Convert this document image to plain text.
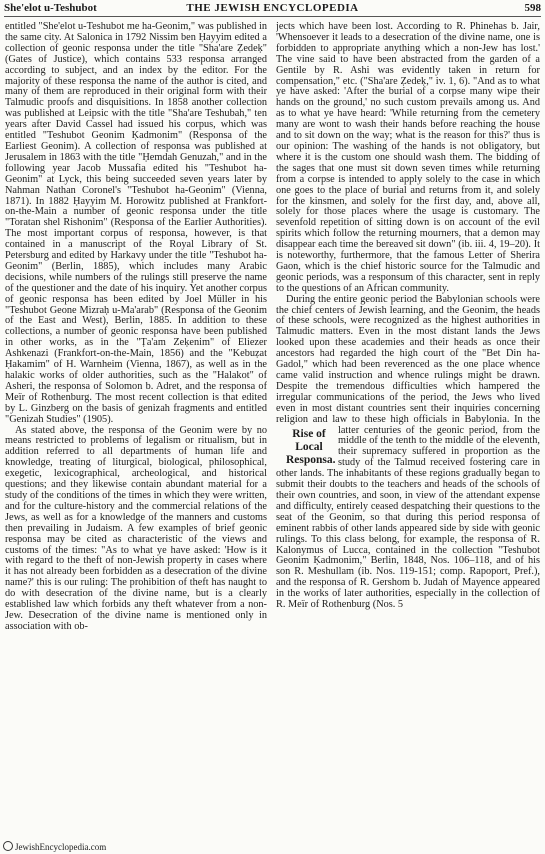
She'elot u-Teshubot	THE JEWISH ENCYCLOPEDIA	598

entitled "She'elot u-Teshubot me ha-Geonim," was published in the same city. At Salonica in 1792 Nissim ben Ḥayyim edited a collection of geonic responsa under the title "Sha'are Ẓedeḳ" (Gates of Justice), which contains 533 responsa arranged according to subject, and an index by the editor. For the majority of these responsa the name of the author is cited, and many of them are reproduced in their original form with their Talmudic proofs and disquisitions. In 1858 another collection was published at Leipsic with the title "Sha'are Teshubah," ten years after David Cassel had issued his corpus, which was entitled "Teshubot Geonim Ḳadmonim" (Responsa of the Earliest Geonim). A collection of responsa was published at Jerusalem in 1863 with the title "Ḥemdah Genuzah," and in the following year Jacob Mussafia edited his "Teshubot ha-Geonim" at Lyck, this being succeeded seven years later by Nahman Nathan Coronel's "Teshubot ha-Geonim" (Vienna, 1871). In 1882 Ḥayyim M. Horowitz published at Frankfort-on-the-Main a number of geonic responsa under the title "Toratan shel Rishonim" (Responsa of the Earlier Authorities). The most important corpus of responsa, however, is that contained in a manuscript of the Royal Library of St. Petersburg and edited by Harkavy under the title "Teshubot ha-Geonim" (Berlin, 1885), which includes many Arabic decisions, while numbers of the rulings still preserve the name of the questioner and the date of his inquiry. Yet another corpus of geonic responsa has been edited by Joel Müller in his "Teshubot Geone Mizraḥ u-Ma'arab" (Responsa of the Geonim of the East and West), Berlin, 1885. In addition to these collections, a number of geonic responsa have been published in other works, as in the "Ṭa'am Zeḳenim" of Eliezer Ashkenazi (Frankfort-on-the-Main, 1856) and the "Kebuẓat Ḥakamim" of H. Warnheim (Vienna, 1867), as well as in the halakic works of older authorities, such as the "Halakot" of Asheri, the responsa of Solomon b. Adret, and the responsa of Meïr of Rothenburg. The most recent collection is that edited by L. Ginzberg on the basis of genizah fragments and entitled "Genizah Studies" (1905).

As stated above, the responsa of the Geonim were by no means restricted to problems of legalism or ritualism, but in addition referred to all departments of human life and knowledge, treating of liturgical, biological, philosophical, exegetic, lexicographical, archeological, and historical questions; and they likewise contain abundant material for a study of the conditions of the times in which they were written, and for the culture-history and the commercial relations of the Jews, as well as for a knowledge of the manners and customs then prevailing in Judaism. A few examples of brief geonic responsa may be cited as characteristic of the views and customs of the times: "As to what ye have asked: 'How is it with regard to the theft of non-Jewish property in cases where it has not already been forbidden as a desecration of the divine name?' this is our ruling: The prohibition of theft has naught to do with desecration of the divine name, but is a clearly established law which forbids any theft whatever from a non-Jew. Desecration of the divine name is mentioned only in association with ob-

jects which have been lost. According to R. Phinehas b. Jair, 'Whensoever it leads to a desecration of the divine name, one is forbidden to appropriate anything which a non-Jew has lost.' The vine said to have been abstracted from the garden of a Gentile by R. Ashi was evidently taken in return for compensation," etc. ("Sha'are Ẓedeḳ," iv. 1, 6). "And as to what ye have asked: 'After the burial of a corpse many wipe their hands on the ground,' no such custom prevails among us. And as to what ye have heard: 'While returning from the cemetery many are wont to wash their hands before reaching the house and to sit down on the way; what is the reason for this?' thus is our opinion: The washing of the hands is not obligatory, but where it is the custom one should wash them. The bidding of the sages that one must sit down seven times while returning from a corpse is intended to apply solely to the case in which one goes to the place of burial and returns from it, and solely for the kinsmen, and solely for the first day, and, above all, solely for those places where the usage is customary. The sevenfold repetition of sitting down is on account of the evil spirits which follow the returning mourners, that a demon may disappear each time the bereaved sit down" (ib. iii. 4, 19–20). It is noteworthy, furthermore, that the famous Letter of Sherira Gaon, which is the chief historic source for the Talmudic and geonic periods, was a responsum of this character, sent in reply to the questions of an African community.

During the entire geonic period the Babylonian schools were the chief centers of Jewish learning, and the Geonim, the heads of these schools, were recognized as the highest authorities in Talmudic matters. Even in the most distant lands the Jews looked upon these academies and their heads as once their ancestors had regarded the high court of the "Bet Din ha-Gadol," which had been reverenced as the one place whence came valid instruction and whence rulings might be drawn. Despite the tremendous difficulties which hampered the irregular communications of the period, the Jews who lived even in most distant countries sent their inquiries concerning religion and law to these high officials in Babylonia.
Rise of
Local
Responsa.
In the latter centuries of the geonic period, from the middle of the tenth to the middle of the eleventh, their supremacy suffered in proportion as the study of the Talmud received fostering care in other lands. The inhabitants of these regions gradually began to submit their doubts to the teachers and heads of the schools of their own countries, and soon, in view of the attendant expense and difficulty, entirely ceased despatching their questions to the seat of the Geonim, so that during this period responsa of eminent rabbis of other lands appeared side by side with geonic rulings. To this class belong, for example, the responsa of R. Kalonymus of Lucca, contained in the collection "Teshubot Geonim Ḳadmonim," Berlin, 1848, Nos. 106–118, and of his son R. Meshullam (ib. Nos. 119-151; comp. Rapoport, Pref.), and the responsa of R. Gershom b. Judah of Mayence appeared in the works of later authorities, especially in the collection of R. Meïr of Rothenburg (Nos. 5

JewishEncyclopedia.com
